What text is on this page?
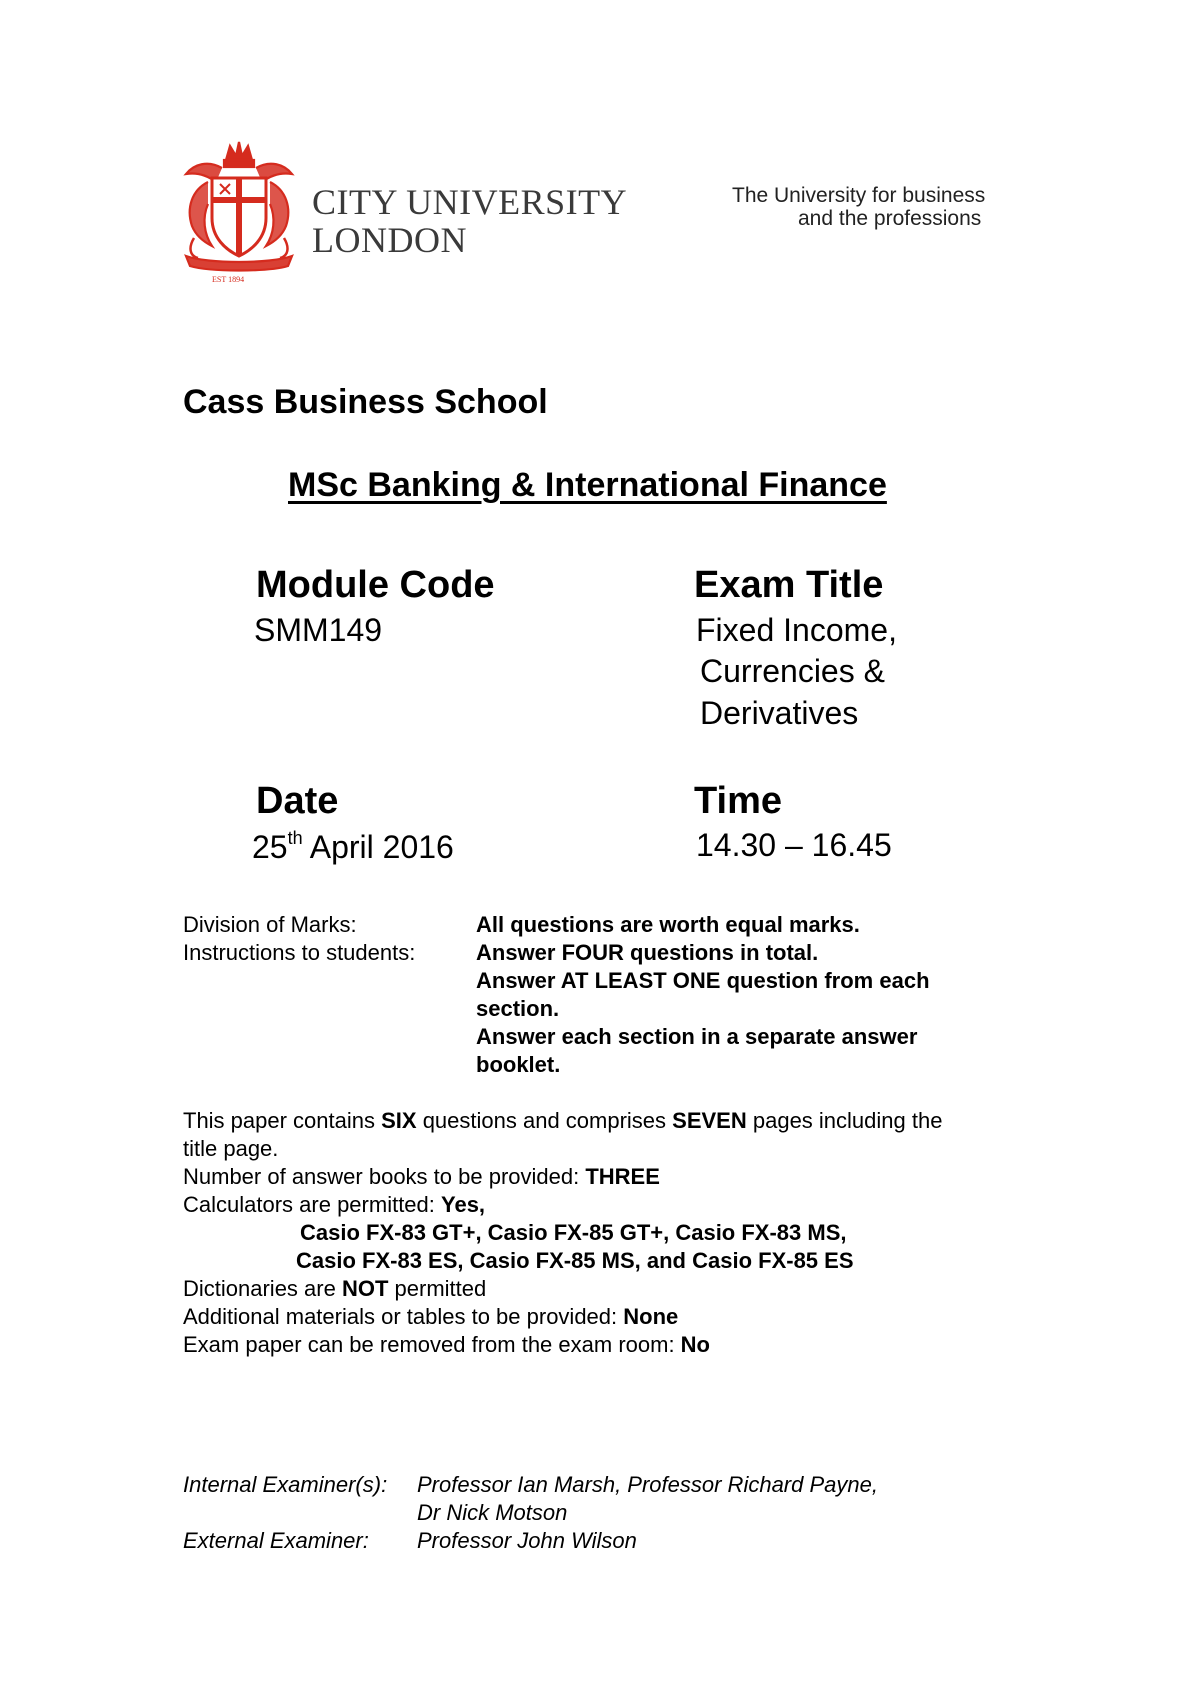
EST 1894
CITY UNIVERSITY
LONDON
The University for business
and the professions
Cass Business School
MSc Banking & International Finance
Module Code
SMM149
Exam Title
Fixed Income,
Currencies &
Derivatives
Date
25th April 2016
Time
14.30 – 16.45
Division of Marks:	All questions are worth equal marks.
Instructions to students:	Answer FOUR questions in total.
Answer AT LEAST ONE question from each
section.
Answer each section in a separate answer
booklet.
This paper contains SIX questions and comprises SEVEN pages including the
title page.
Number of answer books to be provided: THREE
Calculators are permitted: Yes,
Casio FX-83 GT+, Casio FX-85 GT+, Casio FX-83 MS,
Casio FX-83 ES, Casio FX-85 MS, and Casio FX-85 ES
Dictionaries are NOT permitted
Additional materials or tables to be provided: None
Exam paper can be removed from the exam room: No
Internal Examiner(s): Professor Ian Marsh, Professor Richard Payne,
Dr Nick Motson
External Examiner: Professor John Wilson
